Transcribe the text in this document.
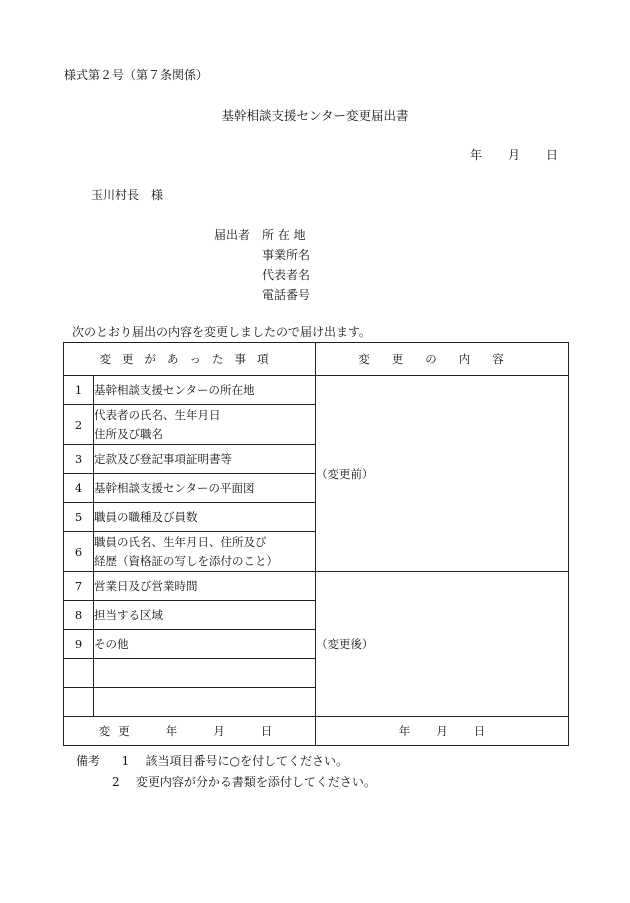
様式第２号（第７条関係）
基幹相談支援センター変更届出書
年 月 日
玉川村長　様
届出者 所 在 地
事業所名
代表者名
電話番号
次のとおり届出の内容を変更しましたので届け出ます。
変更があった事項		変更の内容
1	基幹相談支援センターの所在地	（変更前）
2	代表者の氏名、生年月日
住所及び職名	

3	定款及び登記事項証明書等	
4	基幹相談支援センターの平面図	
5	職員の職種及び員数	
6	職員の氏名、生年月日、住所及び
経歴（資格証の写しを添付のこと）	

7	営業日及び営業時間	（変更後）
8	担当する区域	
9	その他	

変更 年 月 日		年 月 日
備考 1 該当項目番号に○を付してください。
2 変更内容が分かる書類を添付してください。
